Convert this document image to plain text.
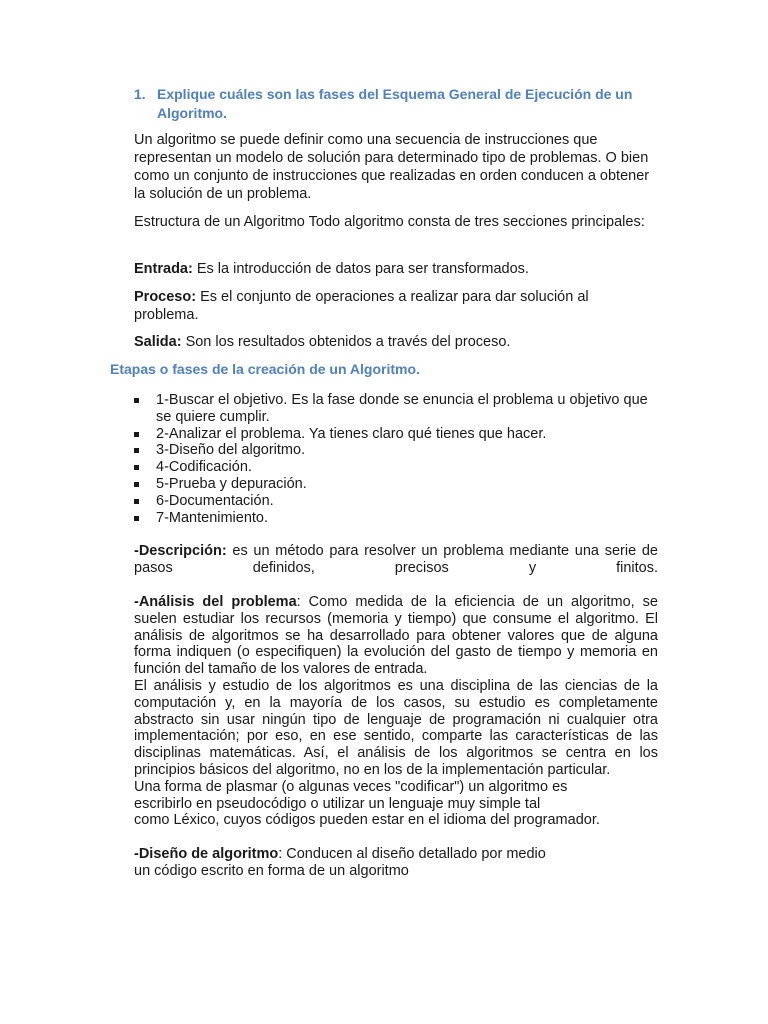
1. Explique cuáles son las fases del Esquema General de Ejecución de un Algoritmo.
Un algoritmo se puede definir como una secuencia de instrucciones que representan un modelo de solución para determinado tipo de problemas. O bien como un conjunto de instrucciones que realizadas en orden conducen a obtener la solución de un problema.
Estructura de un Algoritmo Todo algoritmo consta de tres secciones principales:
Entrada: Es la introducción de datos para ser transformados.
Proceso: Es el conjunto de operaciones a realizar para dar solución al problema.
Salida: Son los resultados obtenidos a través del proceso.
Etapas o fases de la creación de un Algoritmo.
1-Buscar el objetivo. Es la fase donde se enuncia el problema u objetivo que se quiere cumplir.
2-Analizar el problema. Ya tienes claro qué tienes que hacer.
3-Diseño del algoritmo.
4-Codificación.
5-Prueba y depuración.
6-Documentación.
7-Mantenimiento.
-Descripción: es un método para resolver un problema mediante una serie de pasos definidos, precisos y finitos.
-Análisis del problema: Como medida de la eficiencia de un algoritmo, se suelen estudiar los recursos (memoria y tiempo) que consume el algoritmo. El análisis de algoritmos se ha desarrollado para obtener valores que de alguna forma indiquen (o especifiquen) la evolución del gasto de tiempo y memoria en función del tamaño de los valores de entrada.
El análisis y estudio de los algoritmos es una disciplina de las ciencias de la computación y, en la mayoría de los casos, su estudio es completamente abstracto sin usar ningún tipo de lenguaje de programación ni cualquier otra implementación; por eso, en ese sentido, comparte las características de las disciplinas matemáticas. Así, el análisis de los algoritmos se centra en los principios básicos del algoritmo, no en los de la implementación particular.
Una forma de plasmar (o algunas veces "codificar") un algoritmo es
escribirlo en pseudocódigo o utilizar un lenguaje muy simple tal
como Léxico, cuyos códigos pueden estar en el idioma del programador.
-Diseño de algoritmo: Conducen al diseño detallado por medio
un código escrito en forma de un algoritmo
